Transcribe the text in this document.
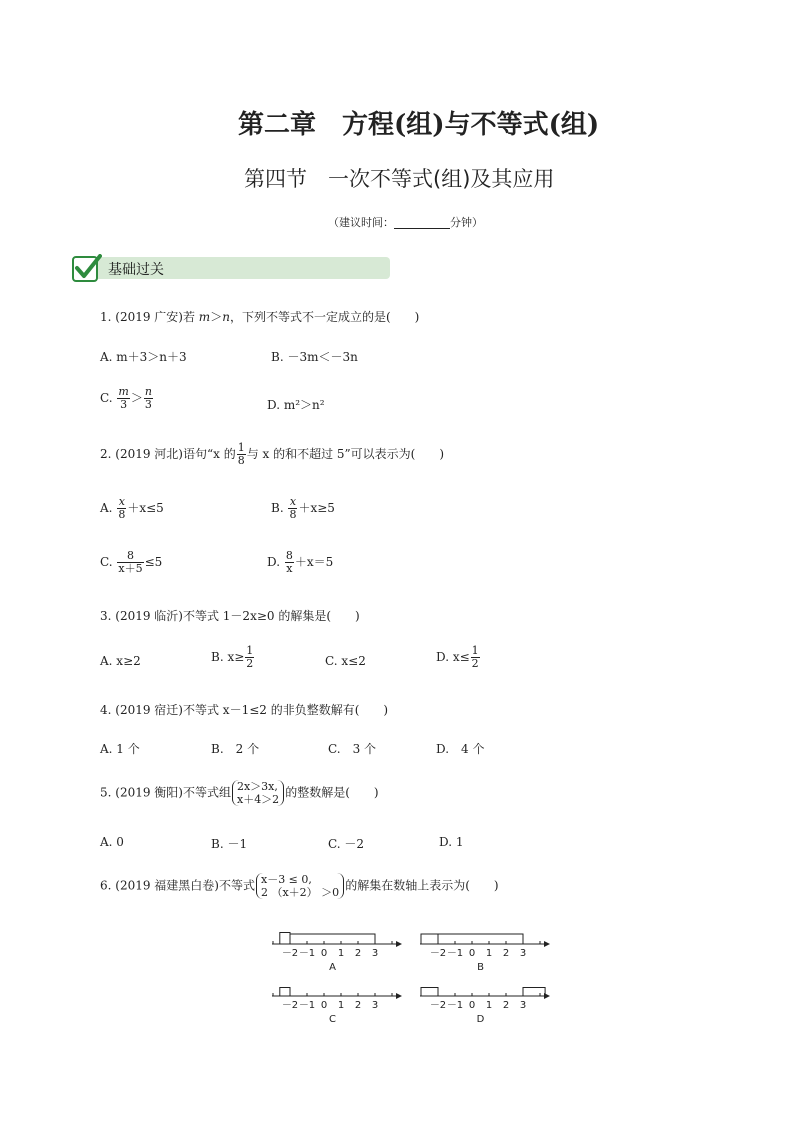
第二章　方程(组)与不等式(组)
第四节　一次不等式(组)及其应用
（建议时间：	分钟）
基础过关
1. (2019 广安)若 m＞n，下列不等式不一定成立的是(　　)
A. m＋3＞n＋3	B. －3m＜－3n
C. $\frac{m}{3} > \frac{n}{3}$	D. m²＞n²
2. (2019 河北)语句“x 的 $\frac{1}{8}$ 与 x 的和不超过 5”可以表示为(　　)
A. $\frac{x}{8} +x\le 5$	B. $\frac{x}{8} +x\ge 5$
C. $\frac{8}{x+5} \le 5$	D. $\frac{8}{x} +x=5$
3. (2019 临沂)不等式 1－2x≥0 的解集是(　　)
A. x≥2	B. $x\ge \frac{1}{2}$	C. x≤2	D. $x\le \frac{1}{2}$
4. (2019 宿迁)不等式 x－1≤2 的非负整数解有(　　)
A. 1 个	B.　2 个	C.　3 个	D.　4 个
5. (2019 衡阳)不等式组 2x＞3x,
x＋4＞2 的整数解是(　　)
A. 0	B. －1	C. －2	D. 1
6. (2019 福建黑白卷)不等式 x－3 ≤ 0,
2 （x＋2） ＞0 的解集在数轴上表示为(　　)
－2 －1 0 1 2 3
A
－2 －1 0 1 2 3
B
－2 －1 0 1 2 3
C
－2 －1 0 1 2 3
D
